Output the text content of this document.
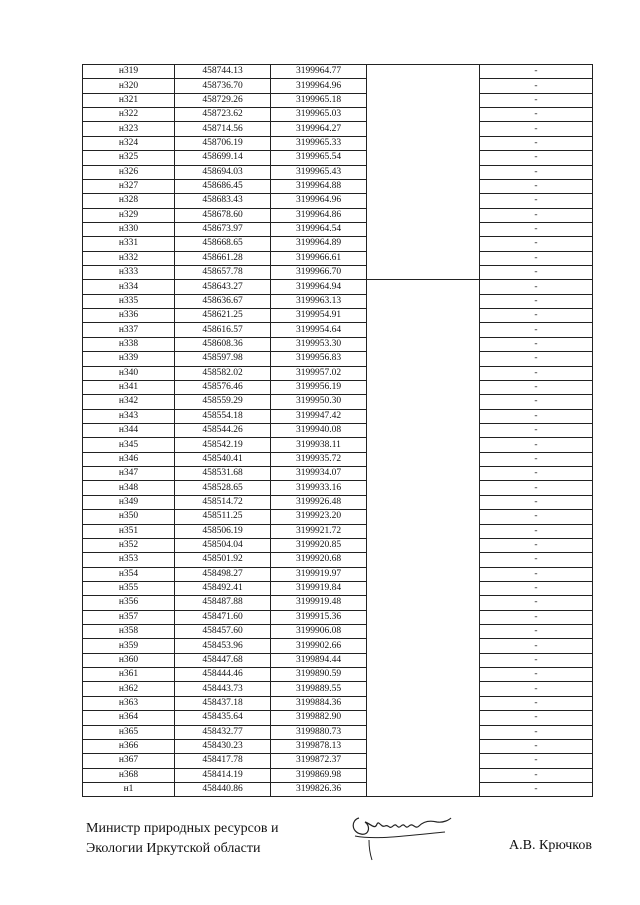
н319	458744.13	3199964.77		-
н320	458736.70	3199964.96		-
н321	458729.26	3199965.18		-
н322	458723.62	3199965.03		-
н323	458714.56	3199964.27		-
н324	458706.19	3199965.33		-
н325	458699.14	3199965.54		-
н326	458694.03	3199965.43		-
н327	458686.45	3199964.88		-
н328	458683.43	3199964.96		-
н329	458678.60	3199964.86		-
н330	458673.97	3199964.54		-
н331	458668.65	3199964.89		-
н332	458661.28	3199966.61		-
н333	458657.78	3199966.70		-
н334	458643.27	3199964.94		-
н335	458636.67	3199963.13		-
н336	458621.25	3199954.91		-
н337	458616.57	3199954.64		-
н338	458608.36	3199953.30		-
н339	458597.98	3199956.83		-
н340	458582.02	3199957.02		-
н341	458576.46	3199956.19		-
н342	458559.29	3199950.30		-
н343	458554.18	3199947.42		-
н344	458544.26	3199940.08		-
н345	458542.19	3199938.11		-
н346	458540.41	3199935.72		-
н347	458531.68	3199934.07		-
н348	458528.65	3199933.16		-
н349	458514.72	3199926.48		-
н350	458511.25	3199923.20		-
н351	458506.19	3199921.72		-
н352	458504.04	3199920.85		-
н353	458501.92	3199920.68		-
н354	458498.27	3199919.97		-
н355	458492.41	3199919.84		-
н356	458487.88	3199919.48		-
н357	458471.60	3199915.36		-
н358	458457.60	3199906.08		-
н359	458453.96	3199902.66		-
н360	458447.68	3199894.44		-
н361	458444.46	3199890.59		-
н362	458443.73	3199889.55		-
н363	458437.18	3199884.36		-
н364	458435.64	3199882.90		-
н365	458432.77	3199880.73		-
н366	458430.23	3199878.13		-
н367	458417.78	3199872.37		-
н368	458414.19	3199869.98		-
н1	458440.86	3199826.36		-
Министр природных ресурсов и
Экологии Иркутской области	А.В. Крючков
